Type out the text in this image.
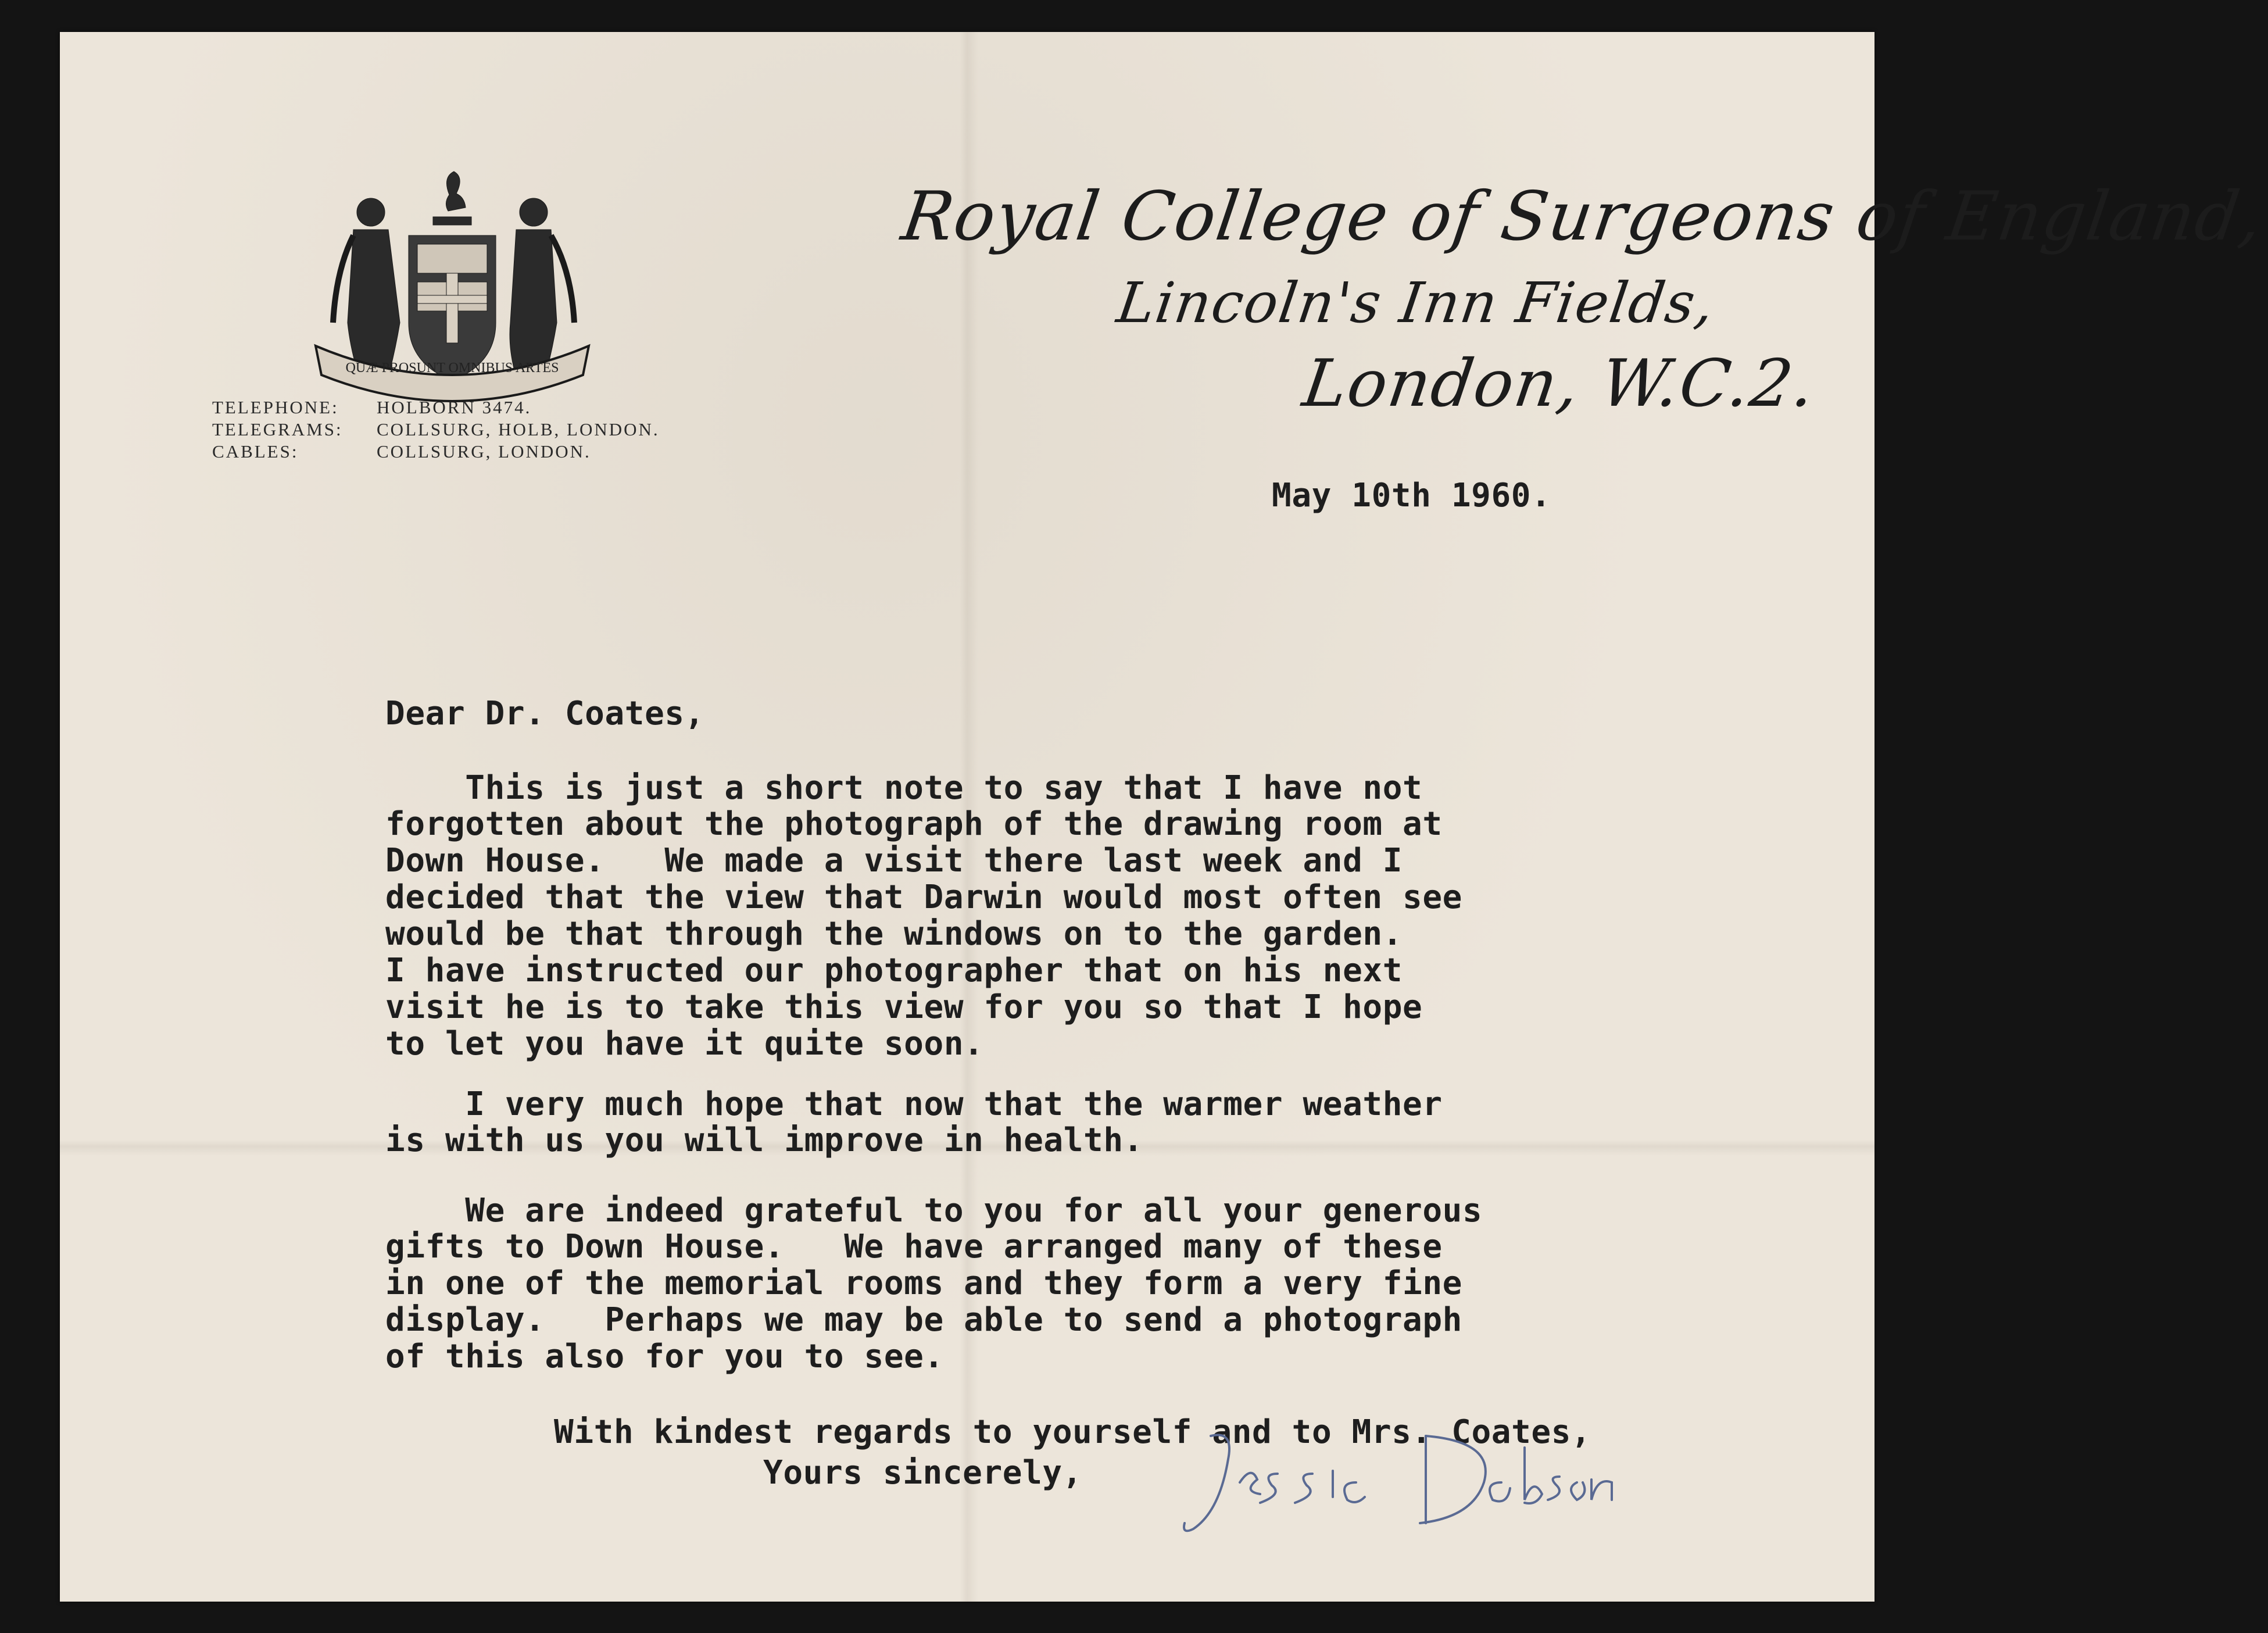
QUÆ PROSUNT OMNIBUS ARTES
Royal College of Surgeons of England,
Lincoln's Inn Fields,
London, W.C.2.
TELEPHONE: HOLBORN 3474.
TELEGRAMS: COLLSURG, HOLB, LONDON.
CABLES:	COLLSURG, LONDON.
May 10th 1960.
Dear Dr. Coates,
This is just a short note to say that I have not
forgotten about the photograph of the drawing room at
Down House.   We made a visit there last week and I
decided that the view that Darwin would most often see
would be that through the windows on to the garden.
I have instructed our photographer that on his next
visit he is to take this view for you so that I hope
to let you have it quite soon.
I very much hope that now that the warmer weather
is with us you will improve in health.
We are indeed grateful to you for all your generous
gifts to Down House.   We have arranged many of these
in one of the memorial rooms and they form a very fine
display.   Perhaps we may be able to send a photograph
of this also for you to see.
With kindest regards to yourself and to Mrs. Coates,
Yours sincerely,
